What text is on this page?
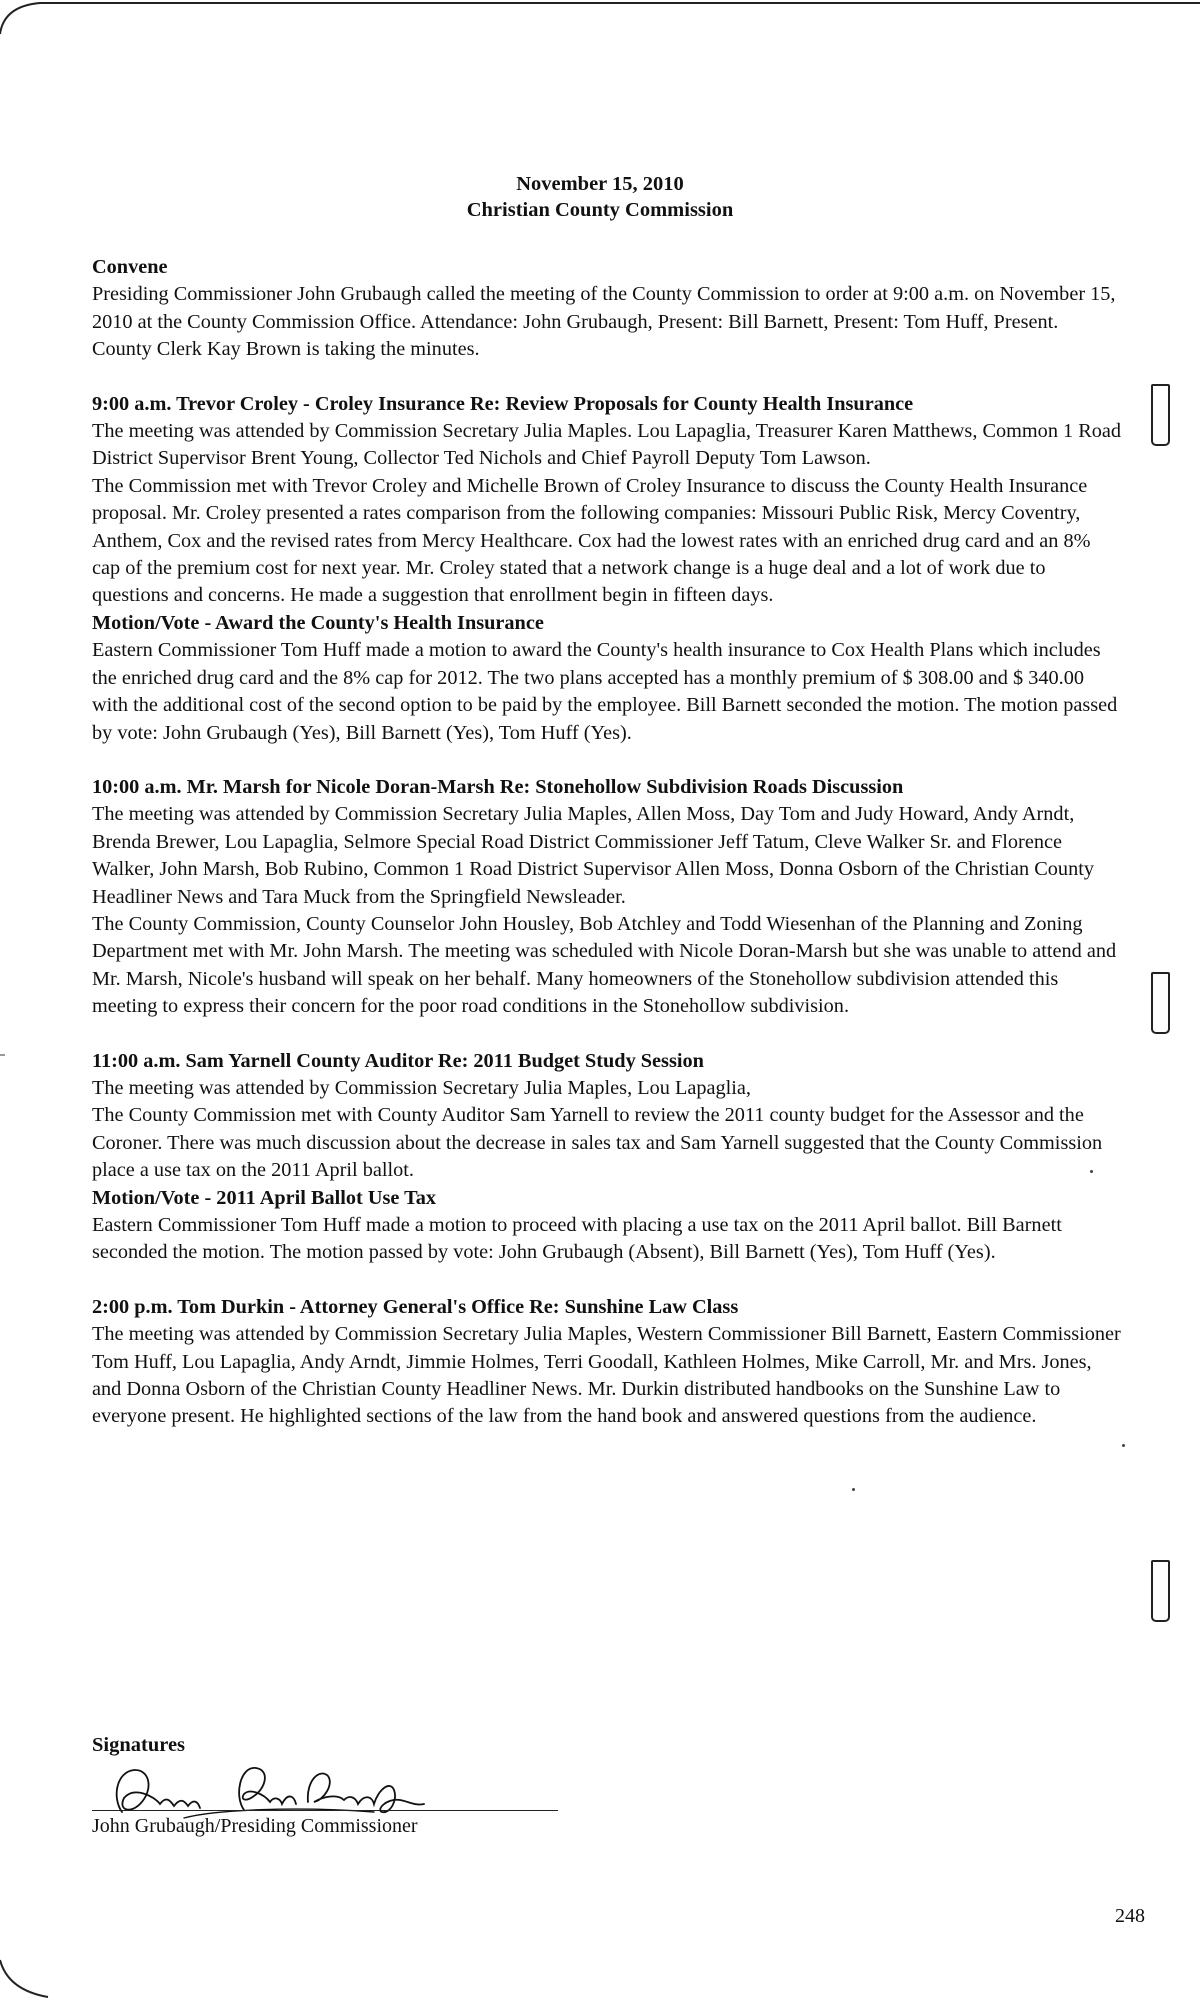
November 15, 2010
Christian County Commission

Convene

Presiding Commissioner John Grubaugh called the meeting of the County Commission to order at 9:00 a.m. on November 15, 2010 at the County Commission Office. Attendance: John Grubaugh, Present: Bill Barnett, Present: Tom Huff, Present. County Clerk Kay Brown is taking the minutes.

9:00 a.m. Trevor Croley - Croley Insurance Re: Review Proposals for County Health Insurance

The meeting was attended by Commission Secretary Julia Maples. Lou Lapaglia, Treasurer Karen Matthews, Common 1 Road District Supervisor Brent Young, Collector Ted Nichols and Chief Payroll Deputy Tom Lawson.

The Commission met with Trevor Croley and Michelle Brown of Croley Insurance to discuss the County Health Insurance proposal. Mr. Croley presented a rates comparison from the following companies: Missouri Public Risk, Mercy Coventry, Anthem, Cox and the revised rates from Mercy Healthcare. Cox had the lowest rates with an enriched drug card and an 8% cap of the premium cost for next year. Mr. Croley stated that a network change is a huge deal and a lot of work due to questions and concerns. He made a suggestion that enrollment begin in fifteen days.

Motion/Vote - Award the County's Health Insurance

Eastern Commissioner Tom Huff made a motion to award the County's health insurance to Cox Health Plans which includes the enriched drug card and the 8% cap for 2012. The two plans accepted has a monthly premium of $ 308.00 and $ 340.00 with the additional cost of the second option to be paid by the employee. Bill Barnett seconded the motion. The motion passed by vote: John Grubaugh (Yes), Bill Barnett (Yes), Tom Huff (Yes).

10:00 a.m. Mr. Marsh for Nicole Doran-Marsh Re: Stonehollow Subdivision Roads Discussion

The meeting was attended by Commission Secretary Julia Maples, Allen Moss, Day Tom and Judy Howard, Andy Arndt, Brenda Brewer, Lou Lapaglia, Selmore Special Road District Commissioner Jeff Tatum, Cleve Walker Sr. and Florence Walker, John Marsh, Bob Rubino, Common 1 Road District Supervisor Allen Moss, Donna Osborn of the Christian County Headliner News and Tara Muck from the Springfield Newsleader.

The County Commission, County Counselor John Housley, Bob Atchley and Todd Wiesenhan of the Planning and Zoning Department met with Mr. John Marsh. The meeting was scheduled with Nicole Doran-Marsh but she was unable to attend and Mr. Marsh, Nicole's husband will speak on her behalf. Many homeowners of the Stonehollow subdivision attended this meeting to express their concern for the poor road conditions in the Stonehollow subdivision.

11:00 a.m. Sam Yarnell County Auditor Re: 2011 Budget Study Session

The meeting was attended by Commission Secretary Julia Maples, Lou Lapaglia,

The County Commission met with County Auditor Sam Yarnell to review the 2011 county budget for the Assessor and the Coroner. There was much discussion about the decrease in sales tax and Sam Yarnell suggested that the County Commission place a use tax on the 2011 April ballot.

Motion/Vote - 2011 April Ballot Use Tax

Eastern Commissioner Tom Huff made a motion to proceed with placing a use tax on the 2011 April ballot. Bill Barnett seconded the motion. The motion passed by vote: John Grubaugh (Absent), Bill Barnett (Yes), Tom Huff (Yes).

2:00 p.m. Tom Durkin - Attorney General's Office Re: Sunshine Law Class

The meeting was attended by Commission Secretary Julia Maples, Western Commissioner Bill Barnett, Eastern Commissioner Tom Huff, Lou Lapaglia, Andy Arndt, Jimmie Holmes, Terri Goodall, Kathleen Holmes, Mike Carroll, Mr. and Mrs. Jones, and Donna Osborn of the Christian County Headliner News. Mr. Durkin distributed handbooks on the Sunshine Law to everyone present. He highlighted sections of the law from the hand book and answered questions from the audience.

Signatures
John Grubaugh/Presiding Commissioner
248
